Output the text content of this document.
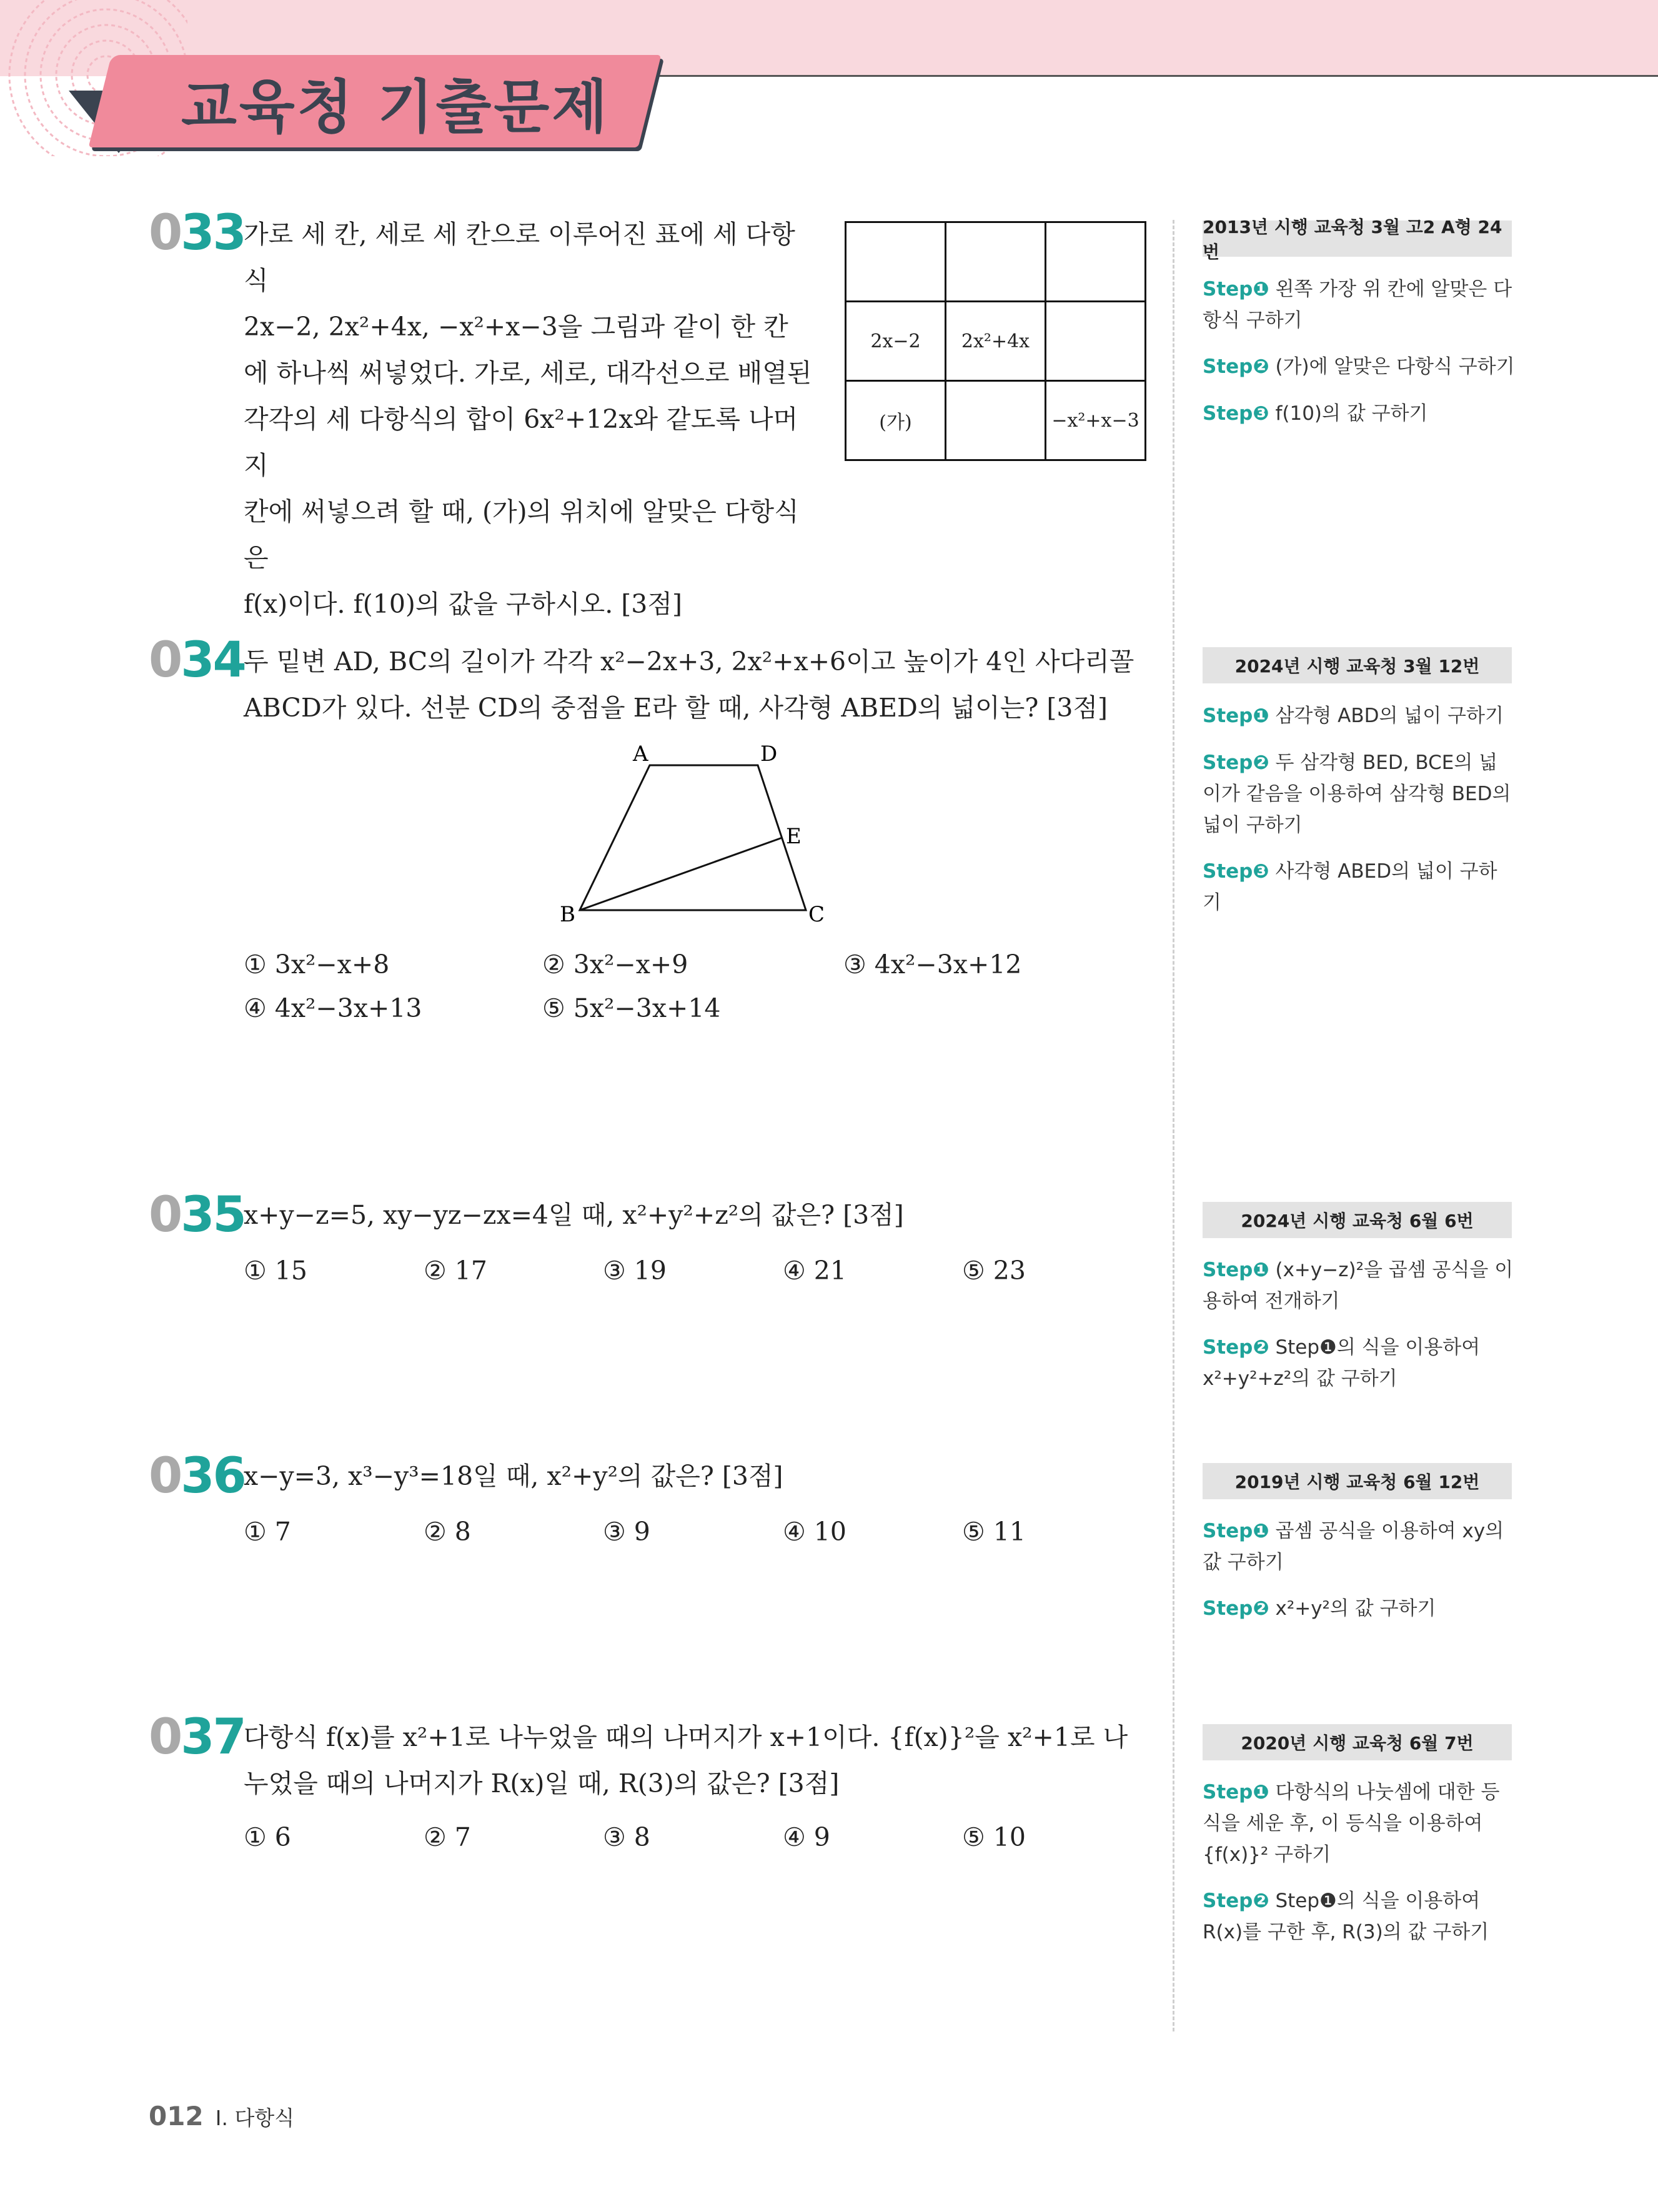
교육청 기출문제
033
가로 세 칸, 세로 세 칸으로 이루어진 표에 세 다항식
2x−2, 2x²+4x, −x²+x−3을 그림과 같이 한 칸
에 하나씩 써넣었다. 가로, 세로, 대각선으로 배열된
각각의 세 다항식의 합이 6x²+12x와 같도록 나머지
칸에 써넣으려 할 때, (가)의 위치에 알맞은 다항식은
f(x)이다. f(10)의 값을 구하시오. [3점]

2x−2	2x²+4x	
(가)		−x²+x−3
2013년 시행 교육청 3월 고2 A형 24번
Step❶ 왼쪽 가장 위 칸에 알맞은 다항식 구하기
Step❷ (가)에 알맞은 다항식 구하기
Step❸ f(10)의 값 구하기
034
두 밑변 AD, BC의 길이가 각각 x²−2x+3, 2x²+x+6이고 높이가 4인 사다리꼴
ABCD가 있다. 선분 CD의 중점을 E라 할 때, 사각형 ABED의 넓이는? [3점]
A	D
E
B	C
① 3x²−x+8	② 3x²−x+9	③ 4x²−3x+12
④ 4x²−3x+13	⑤ 5x²−3x+14
2024년 시행 교육청 3월 12번
Step❶ 삼각형 ABD의 넓이 구하기
Step❷ 두 삼각형 BED, BCE의 넓이가 같음을 이용하여 삼각형 BED의 넓이 구하기
Step❸ 사각형 ABED의 넓이 구하기
035
x+y−z=5, xy−yz−zx=4일 때, x²+y²+z²의 값은? [3점]
① 15	② 17	③ 19	④ 21	⑤ 23
2024년 시행 교육청 6월 6번
Step❶ (x+y−z)²을 곱셈 공식을 이용하여 전개하기
Step❷ Step❶의 식을 이용하여 x²+y²+z²의 값 구하기
036
x−y=3, x³−y³=18일 때, x²+y²의 값은? [3점]
① 7	② 8	③ 9	④ 10	⑤ 11
2019년 시행 교육청 6월 12번
Step❶ 곱셈 공식을 이용하여 xy의 값 구하기
Step❷ x²+y²의 값 구하기
037
다항식 f(x)를 x²+1로 나누었을 때의 나머지가 x+1이다. {f(x)}²을 x²+1로 나
누었을 때의 나머지가 R(x)일 때, R(3)의 값은? [3점]
① 6	② 7	③ 8	④ 9	⑤ 10
2020년 시행 교육청 6월 7번
Step❶ 다항식의 나눗셈에 대한 등식을 세운 후, 이 등식을 이용하여 {f(x)}² 구하기
Step❷ Step❶의 식을 이용하여 R(x)를 구한 후, R(3)의 값 구하기
012 I. 다항식
